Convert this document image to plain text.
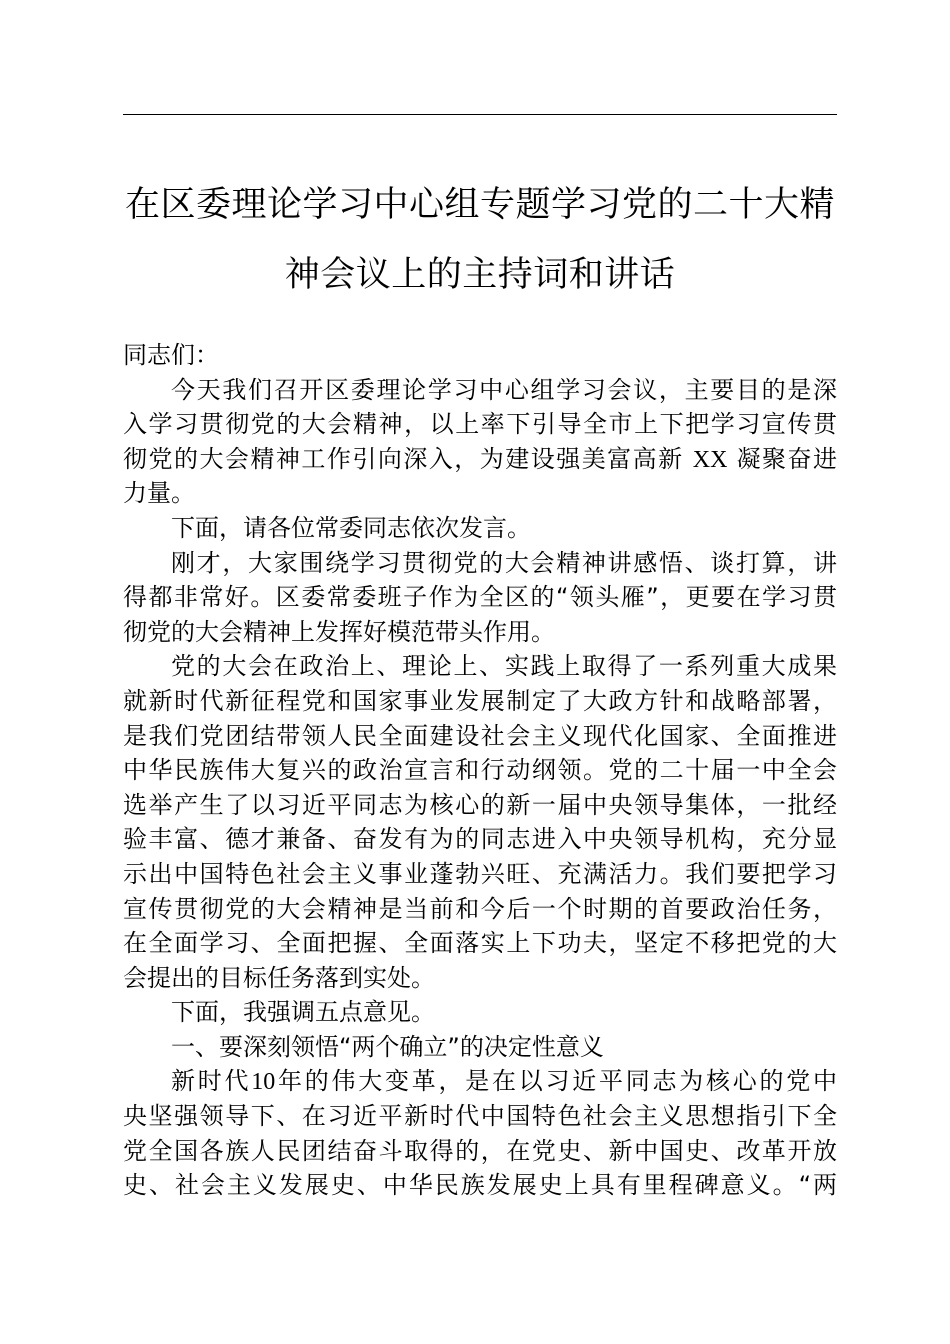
在区委理论学习中心组专题学习党的二十大精
神会议上的主持词和讲话
同志们：
今天我们召开区委理论学习中心组学习会议，主要目的是深
入学习贯彻党的大会精神，以上率下引导全市上下把学习宣传贯
彻党的大会精神工作引向深入，为建设强美富高新 XX 凝聚奋进
力量。
下面，请各位常委同志依次发言。
刚才，大家围绕学习贯彻党的大会精神讲感悟、谈打算，讲
得都非常好。区委常委班子作为全区的“领头雁”，更要在学习贯
彻党的大会精神上发挥好模范带头作用。
党的大会在政治上、理论上、实践上取得了一系列重大成果
就新时代新征程党和国家事业发展制定了大政方针和战略部署，
是我们党团结带领人民全面建设社会主义现代化国家、全面推进
中华民族伟大复兴的政治宣言和行动纲领。党的二十届一中全会
选举产生了以习近平同志为核心的新一届中央领导集体，一批经
验丰富、德才兼备、奋发有为的同志进入中央领导机构，充分显
示出中国特色社会主义事业蓬勃兴旺、充满活力。我们要把学习
宣传贯彻党的大会精神是当前和今后一个时期的首要政治任务，
在全面学习、全面把握、全面落实上下功夫，坚定不移把党的大
会提出的目标任务落到实处。
下面，我强调五点意见。
一、要深刻领悟“两个确立”的决定性意义
新时代10年的伟大变革，是在以习近平同志为核心的党中
央坚强领导下、在习近平新时代中国特色社会主义思想指引下全
党全国各族人民团结奋斗取得的，在党史、新中国史、改革开放
史、社会主义发展史、中华民族发展史上具有里程碑意义。“两
